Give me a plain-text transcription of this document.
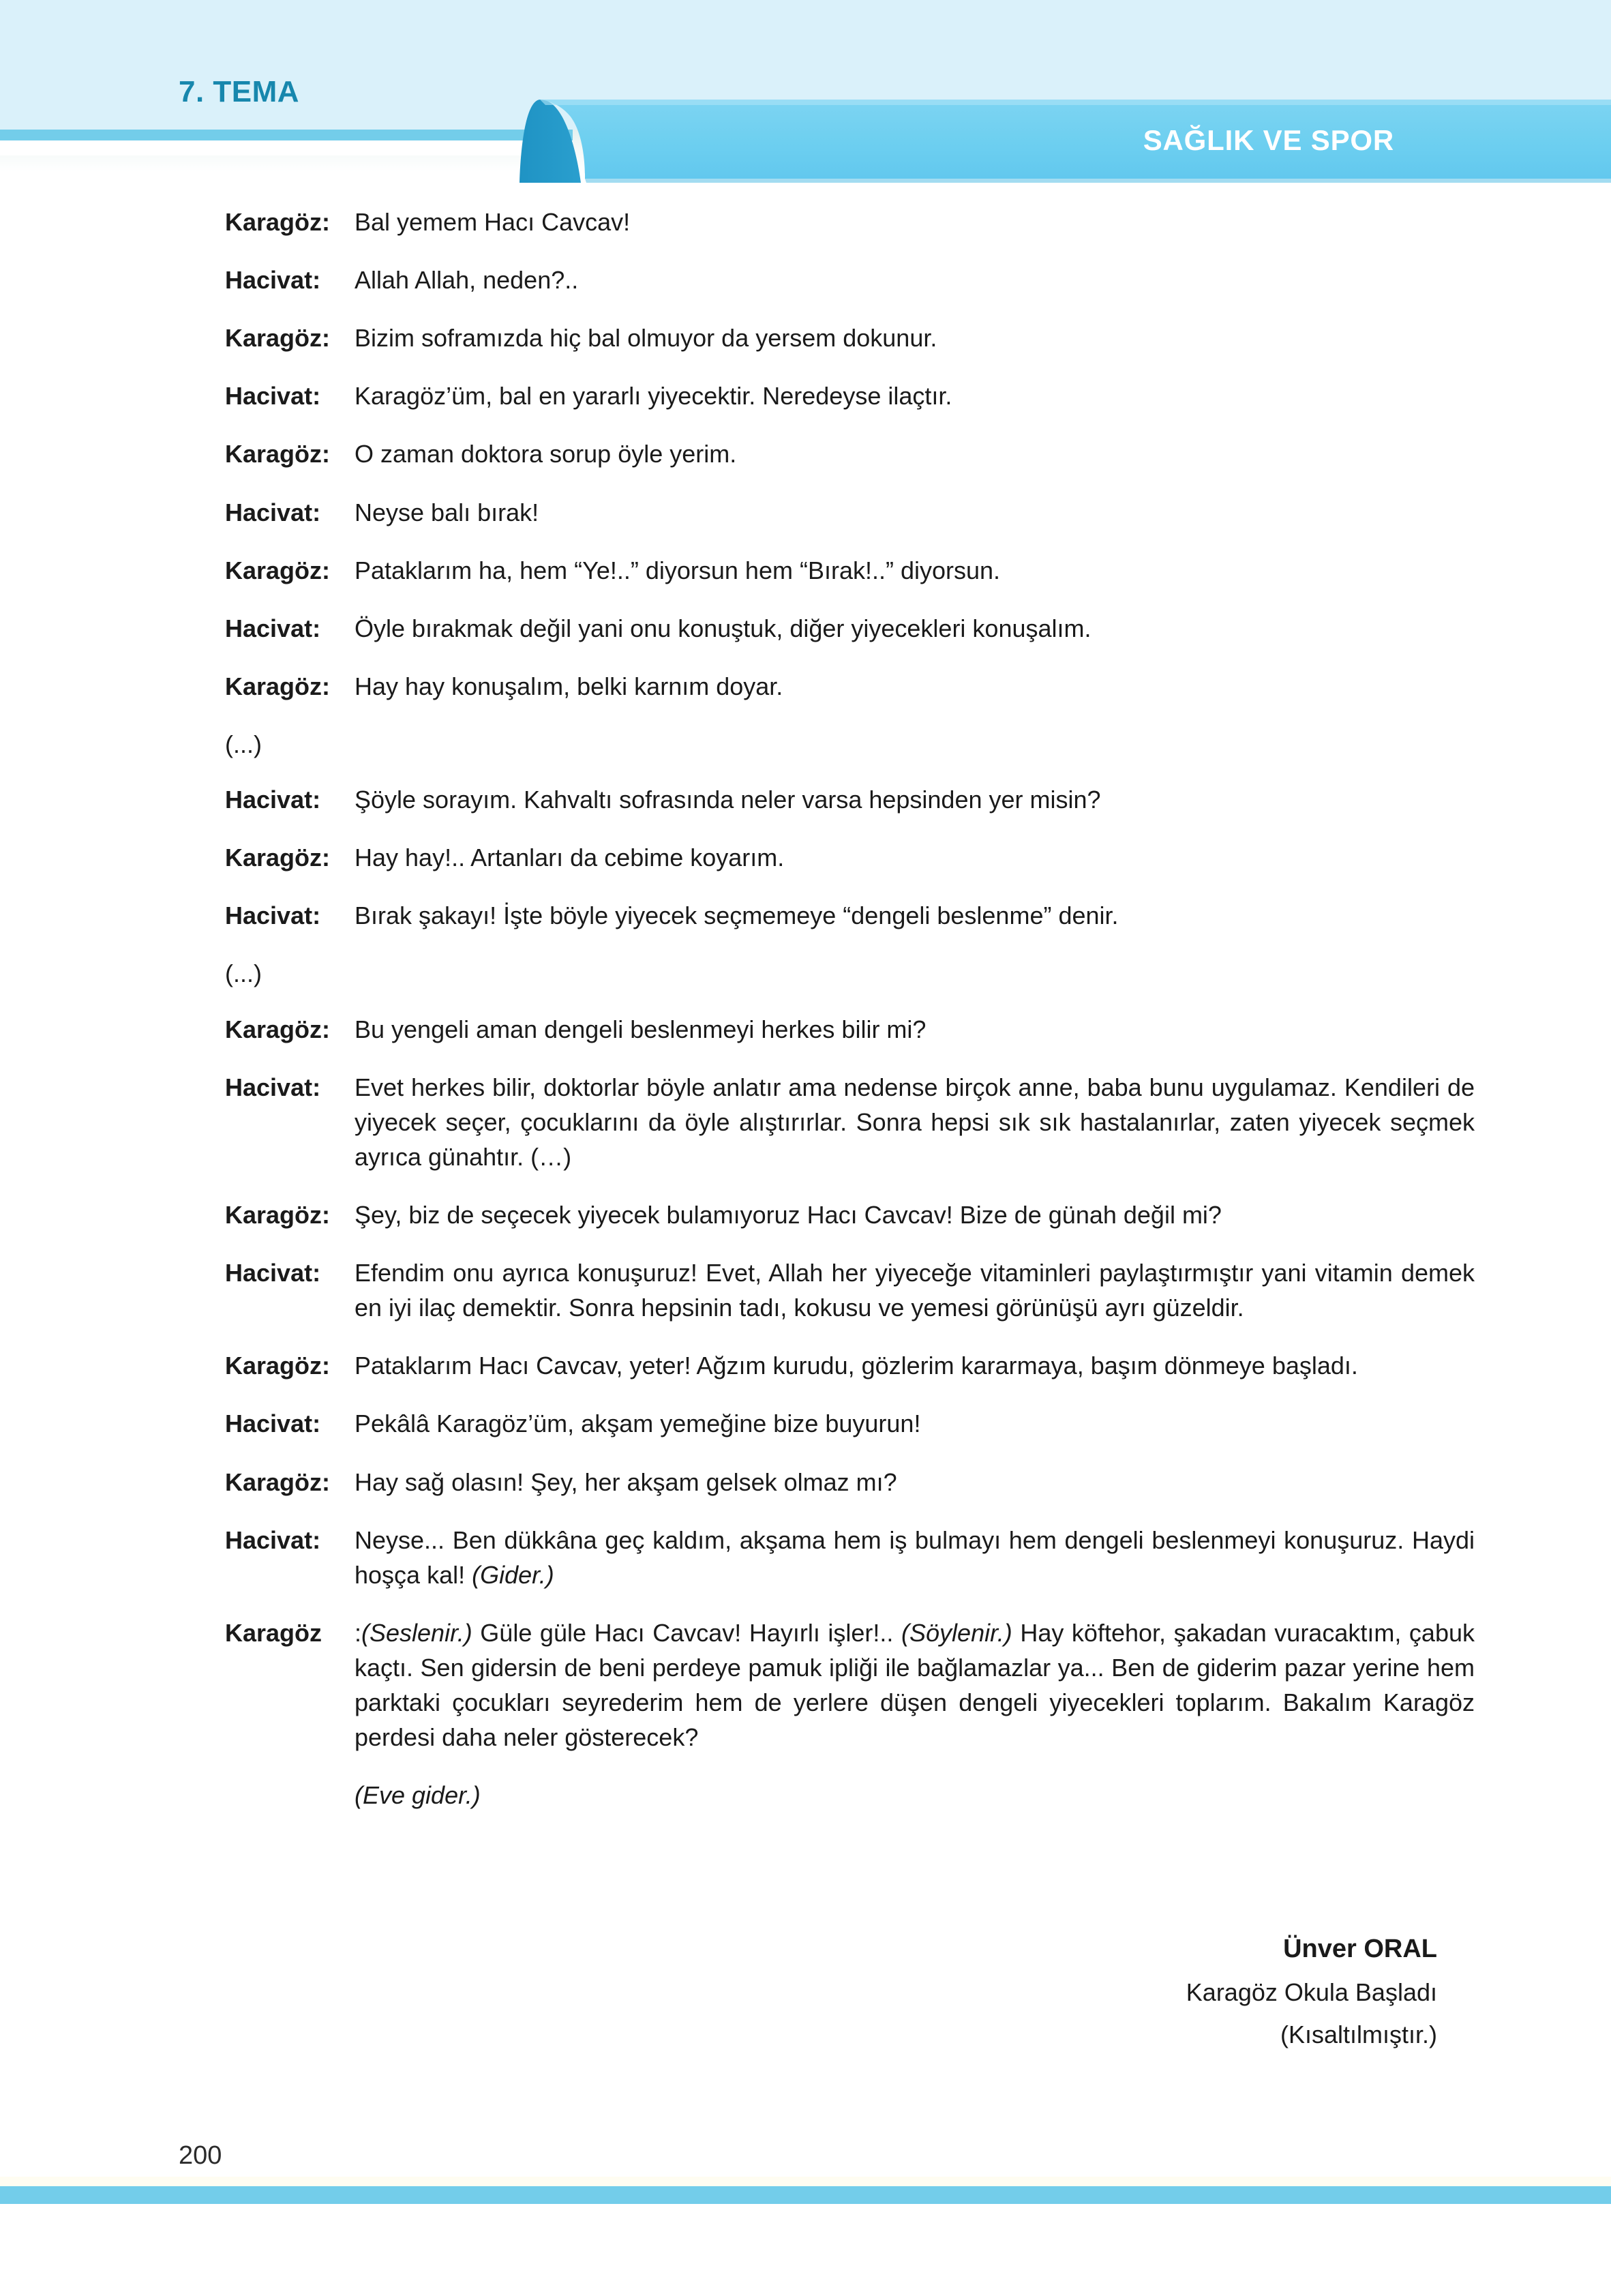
7. TEMA
SAĞLIK VE SPOR
Karagöz: Bal yemem Hacı Cavcav!
Hacivat:	Allah Allah, neden?..
Karagöz: Bizim soframızda hiç bal olmuyor da yersem dokunur.
Hacivat:	Karagöz’üm, bal en yararlı yiyecektir. Neredeyse ilaçtır.
Karagöz: O zaman doktora sorup öyle yerim.
Hacivat:	Neyse balı bırak!
Karagöz: Pataklarım ha, hem “Ye!..” diyorsun hem “Bırak!..” diyorsun.
Hacivat:	Öyle bırakmak değil yani onu konuştuk, diğer yiyecekleri konuşalım.
Karagöz: Hay hay konuşalım, belki karnım doyar.
(...)
Hacivat:	Şöyle sorayım. Kahvaltı sofrasında neler varsa hepsinden yer misin?
Karagöz: Hay hay!.. Artanları da cebime koyarım.
Hacivat:	Bırak şakayı! İşte böyle yiyecek seçmemeye “dengeli beslenme” denir.
(...)
Karagöz: Bu yengeli aman dengeli beslenmeyi herkes bilir mi?
Hacivat:	Evet herkes bilir, doktorlar böyle anlatır ama nedense birçok anne, baba bunu uygulamaz. Kendileri de yiyecek seçer, çocuklarını da öyle alıştırırlar. Sonra hepsi sık sık hastalanırlar, zaten yiyecek seçmek ayrıca günahtır. (…)
Karagöz: Şey, biz de seçecek yiyecek bulamıyoruz Hacı Cavcav! Bize de günah değil mi?
Hacivat:	Efendim onu ayrıca konuşuruz! Evet, Allah her yiyeceğe vitaminleri paylaştırmıştır yani vitamin demek en iyi ilaç demektir. Sonra hepsinin tadı, kokusu ve yemesi görünüşü ayrı güzeldir.
Karagöz: Pataklarım Hacı Cavcav, yeter! Ağzım kurudu, gözlerim kararmaya, başım dönmeye başladı.
Hacivat:	Pekâlâ Karagöz’üm, akşam yemeğine bize buyurun!
Karagöz: Hay sağ olasın! Şey, her akşam gelsek olmaz mı?
Hacivat:	Neyse... Ben dükkâna geç kaldım, akşama hem iş bulmayı hem dengeli beslenmeyi konuşuruz. Haydi hoşça kal! (Gider.)
Karagöz	:(Seslenir.) Güle güle Hacı Cavcav! Hayırlı işler!.. (Söylenir.) Hay köftehor, şakadan vuracaktım, çabuk kaçtı. Sen gidersin de beni perdeye pamuk ipliği ile bağlamazlar ya... Ben de giderim pazar yerine hem parktaki çocukları seyrederim hem de yerlere düşen dengeli yiyecekleri toplarım. Bakalım Karagöz perdesi daha neler gösterecek?
(Eve gider.)
Ünver ORAL
Karagöz Okula Başladı
(Kısaltılmıştır.)
200
